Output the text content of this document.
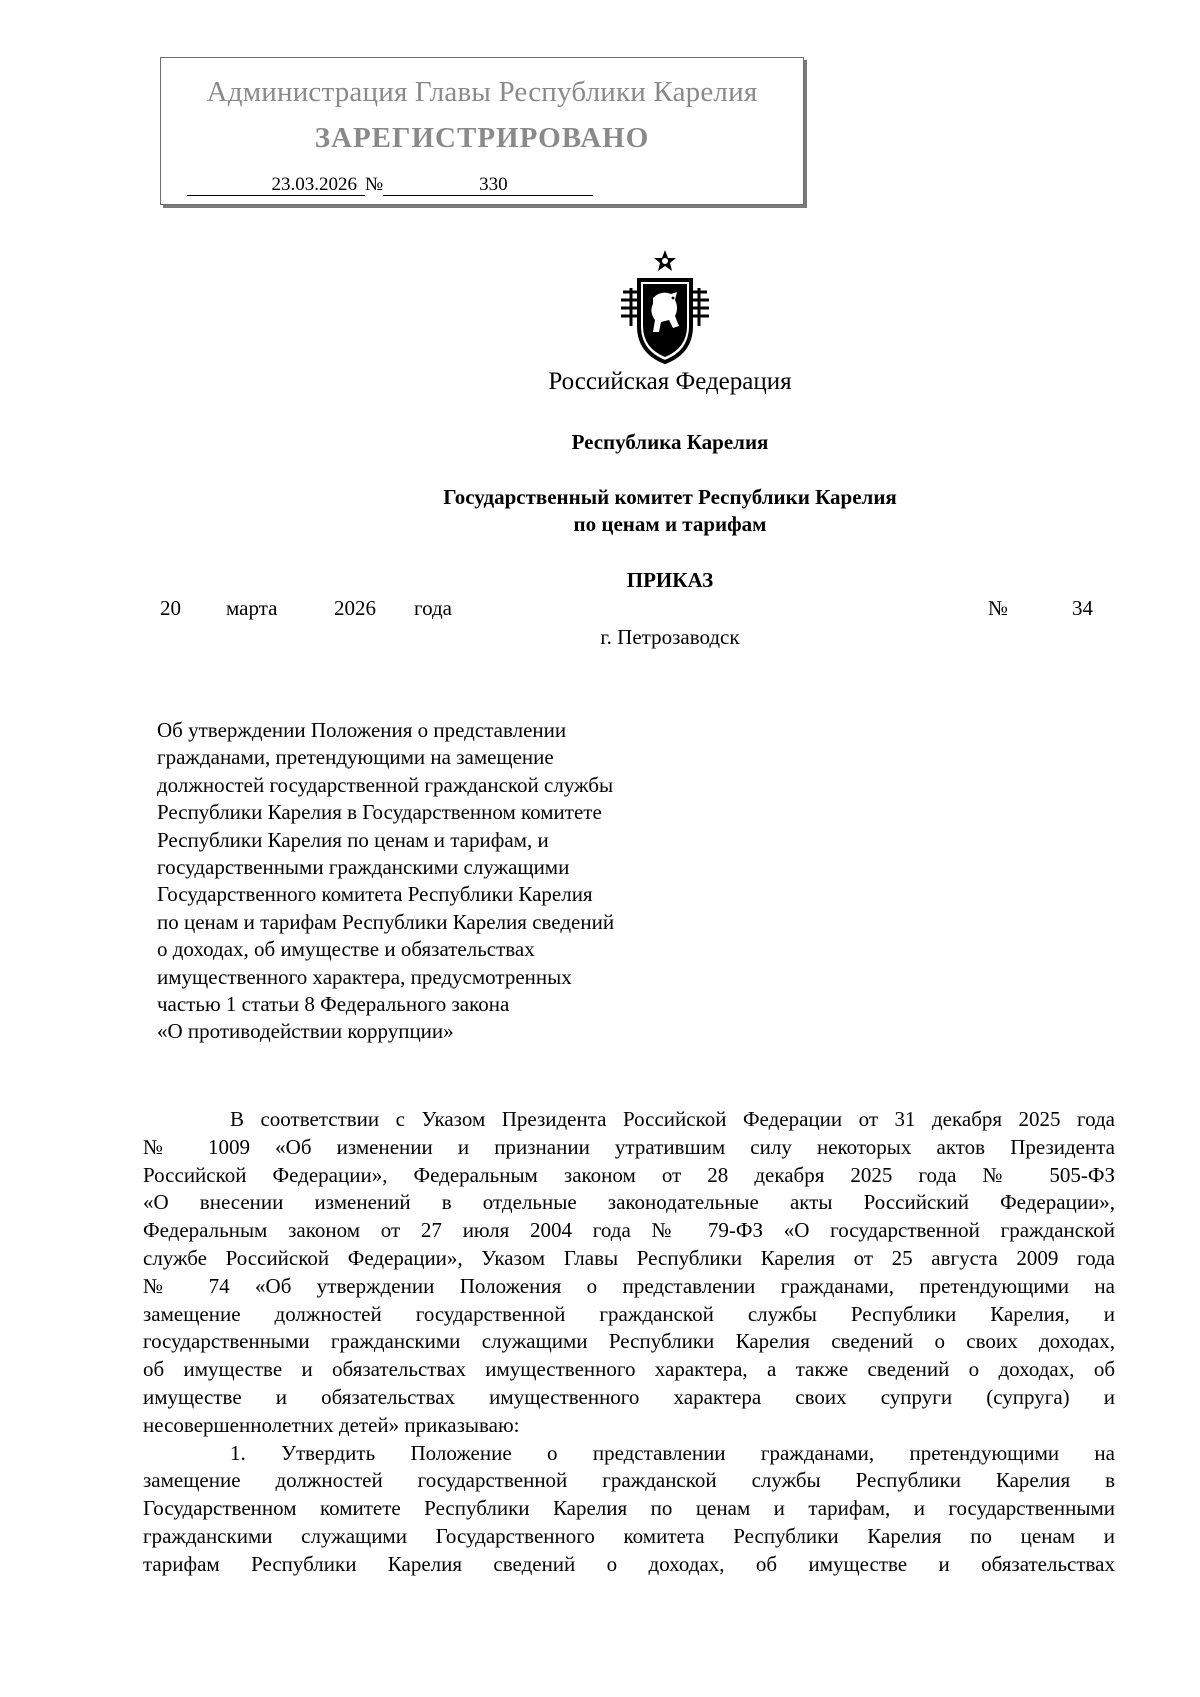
Администрация Главы Республики Карелия
ЗАРЕГИСТРИРОВАНО
23.03.2026 №	330
Российская Федерация
Республика Карелия
Государственный комитет Республики Карелия
по ценам и тарифам
ПРИКАЗ
20 марта	2026 года	№	34
г. Петрозаводск
Об утверждении Положения о представлении
гражданами, претендующими на замещение
должностей государственной гражданской службы
Республики Карелия в Государственном комитете
Республики Карелия по ценам и тарифам, и
государственными гражданскими служащими
Государственного комитета Республики Карелия
по ценам и тарифам Республики Карелия сведений
о доходах, об имуществе и обязательствах
имущественного характера, предусмотренных
частью 1 статьи 8 Федерального закона
«О противодействии коррупции»
В соответствии с Указом Президента Российской Федерации от 31 декабря 2025 года
№ 1009 «Об изменении и признании утратившим силу некоторых актов Президента
Российской Федерации», Федеральным законом от 28 декабря 2025 года № 505-ФЗ
«О внесении изменений в отдельные законодательные акты Российский Федерации»,
Федеральным законом от 27 июля 2004 года № 79-ФЗ «О государственной гражданской
службе Российской Федерации», Указом Главы Республики Карелия от 25 августа 2009 года
№ 74 «Об утверждении Положения о представлении гражданами, претендующими на
замещение должностей государственной гражданской службы Республики Карелия, и
государственными гражданскими служащими Республики Карелия сведений о своих доходах,
об имуществе и обязательствах имущественного характера, а также сведений о доходах, об
имуществе и обязательствах имущественного характера своих супруги (супруга) и
несовершеннолетних детей» приказываю:
1. Утвердить Положение о представлении гражданами, претендующими на
замещение должностей государственной гражданской службы Республики Карелия в
Государственном комитете Республики Карелия по ценам и тарифам, и государственными
гражданскими служащими Государственного комитета Республики Карелия по ценам и
тарифам Республики Карелия сведений о доходах, об имуществе и обязательствах
